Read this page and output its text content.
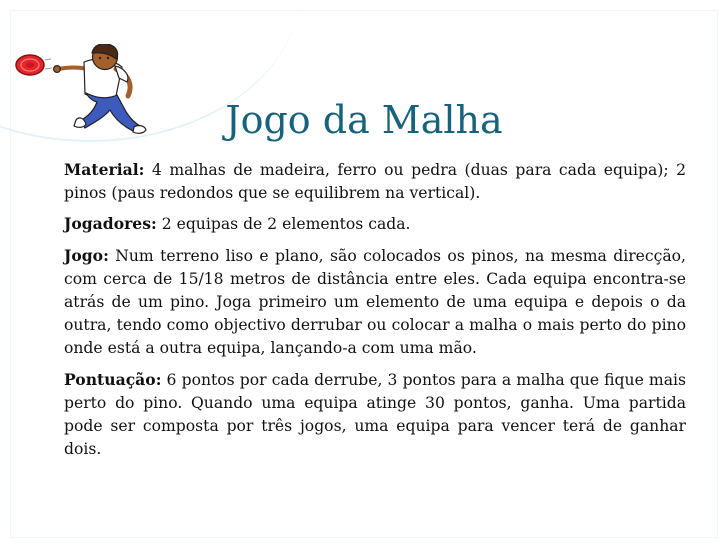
Jogo da Malha

Material: 4 malhas de madeira, ferro ou pedra (duas para cada equipa); 2 pinos (paus redondos que se equilibrem na vertical).

Jogadores: 2 equipas de 2 elementos cada.

Jogo: Num terreno liso e plano, são colocados os pinos, na mesma direcção, com cerca de 15/18 metros de distância entre eles. Cada equipa encontra-se atrás de um pino. Joga primeiro um elemento de uma equipa e depois o da outra, tendo como objectivo derrubar ou colocar a malha o mais perto do pino onde está a outra equipa, lançando-a com uma mão.

Pontuação: 6 pontos por cada derrube, 3 pontos para a malha que fique mais perto do pino. Quando uma equipa atinge 30 pontos, ganha. Uma partida pode ser composta por três jogos, uma equipa para vencer terá de ganhar dois.
